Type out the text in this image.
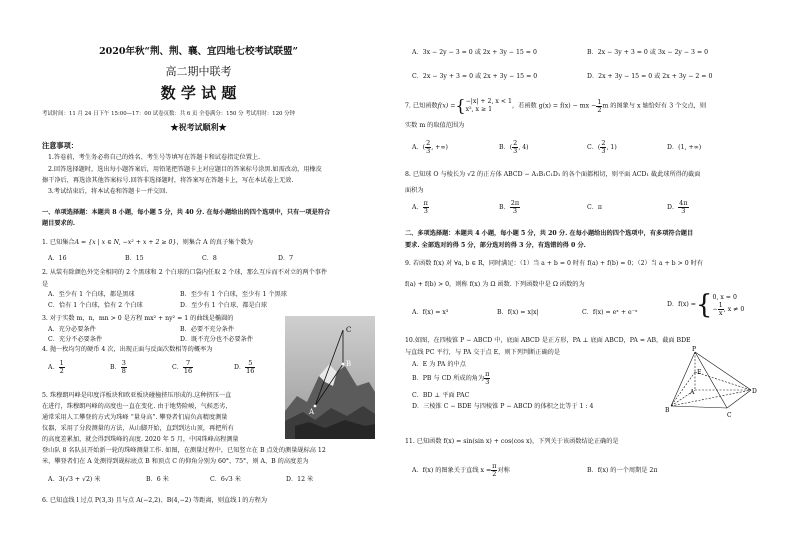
2020年秋“荆、荆、襄、宜四地七校考试联盟”
高二期中联考
数 学 试 题
考试时间：11 月 24 日下午 15:00—17：00 试卷页数：共 6 页 全卷满分：150 分 考试用时：120 分钟
★祝考试顺利★
注意事项：
1.答卷前，考生务必将自己的姓名、考生号等填写在答题卡和试卷指定位置上.
2.回答选择题时，选出每小题答案后，用铅笔把答题卡上对应题目的答案标号涂黑.如需改动，用橡皮
擦干净后，再选涂其他答案标号.回答非选择题时，将答案写在答题卡上，写在本试卷上无效.
3.考试结束后，将本试卷和答题卡一并交回.
一、单项选择题：本题共 8 小题，每小题 5 分，共 40 分. 在每小题给出的四个选项中，只有一项是符合
题目要求的.
1. 已知集合A = {x | x ∈ N, −x² + x + 2 ≥ 0}，则集合 A 的真子集个数为
A．16	B．15	C．8	D．7
2. 从装有除颜色外完全相同的 2 个黑球和 2 个白球的口袋内任取 2 个球，那么互斥而不对立的两个事件
是
A．至少有 1 个白球，都是黑球	B．至少有 1 个白球，至少有 1 个黑球
C．恰有 1 个白球，恰有 2 个白球	D．至少有 1 个白球，都是白球
3. 对于实数 m，n，mn > 0 是方程 mx² + ny² = 1 的曲线是椭圆的
A．充分必要条件	B．必要不充分条件
C．充分不必要条件	D．既不充分也不必要条件
4. 抛一枚均匀的硬币 4 次，出现正面与反面次数相等的概率为
A． $\frac{1}{2}$	B． $\frac{3}{8}$	C． $\frac{7}{16}$	D． $\frac{5}{16}$
C
B
A
5. 珠穆朗玛峰是印度洋板块和欧亚板块碰撞挤压形成的.这种挤压一直
在进行，珠穆朗玛峰的高度也一直在变化. 由于地势险峻，气候恶劣，
通常采用人工攀登的方式为珠峰 “量身高”. 攀登者们肩负高精度测量
仪器，采用了分段测量的方法，从山脚开始，直到到达山顶，再把所有
的高度差累加，就会得到珠峰的高度. 2020 年 5 月，中国珠峰高程测量
登山队 8 名队员开始新一轮的珠峰测量工作. 如图，在测量过程中，已知竖立在 B 点处的测量觇标高 12
米，攀登者们在 A 处测得到觇标底点 B 和顶点 C 的仰角分别为 60°、75°，则 A、B 的高度差为
A．3(√3 + √2) 米	B．6 米	C．6√3 米	D．12 米
6. 已知直线 l 过点 P(3,3) 且与点 A(−2,2)、B(4,−2) 等距离，则直线 l 的方程为
A．3x − 2y − 3 = 0 或 2x + 3y − 15 = 0	B．2x − 3y + 3 = 0 或 3x − 2y − 3 = 0
C．2x − 3y + 3 = 0 或 2x + 3y − 15 = 0	D．2x + 3y − 15 = 0 或 2x + 3y − 2 = 0
7. 已知函数f(x) ={ −|x| + 2, x < 1
x², x ≥ 1	，若函数 g(x) = f(x) − mx − $\frac{1}{2}$ m 的图象与 x 轴恰好有 3 个交点，则
实数 m 的取值范围为
A．( $\frac{2}{3}$ , +∞)	B．( $\frac{2}{3}$ , 4)	C．( $\frac{2}{3}$ , 1)	D．(1, +∞)
8. 已知球 O 与棱长为 √2 的正方体 ABCD − A₁B₁C₁D₁ 的各个面都相切，则平面 ACD₁ 截此球所得的截面
面积为
A． $\frac{\pi}{3}$	B． $\frac{2\pi}{3}$	C．π	D． $\frac{4\pi}{3}$
二、多项选择题：本题共 4 小题，每小题 5 分，共 20 分. 在每小题给出的四个选项中，有多项符合题目
要求. 全部选对的得 5 分，部分选对的得 3 分，有选错的得 0 分.
9. 若函数 f(x) 对 ∀a, b ∈ R，同时满足：（1）当 a + b = 0 时有 f(a) + f(b) = 0；（2）当 a + b > 0 时有
f(a) + f(b) > 0，则称 f(x) 为 Ω 函数. 下列函数中是 Ω 函数的为
A．f(x) = x³	B．f(x) = x|x|	C．f(x) = eˣ + e⁻ˣ
D．f(x) ={ 0, x = 0
− $\frac{1}{x}$ , x ≠ 0
10.如图，在四棱锥 P − ABCD 中，底面 ABCD 是正方形，PA ⊥ 底面 ABCD，PA = AB，截面 BDE
与直线 PC 平行，与 PA 交于点 E，则下列判断正确的是
A．E 为 PA 的中点
B．PB 与 CD 所成的角为 $\frac{\pi}{3}$
C．BD ⊥ 平面 PAC
D．三棱锥 C − BDE 与四棱锥 P − ABCD 的体积之比等于 1 : 4
P
E
A
B
C
D
11. 已知函数 f(x) = sin(sin x) + cos(cos x)，下列关于该函数结论正确的是
A．f(x) 的图象关于直线 $x = \frac{\pi}{2}$ 对称	B．f(x) 的一个周期是 2π
